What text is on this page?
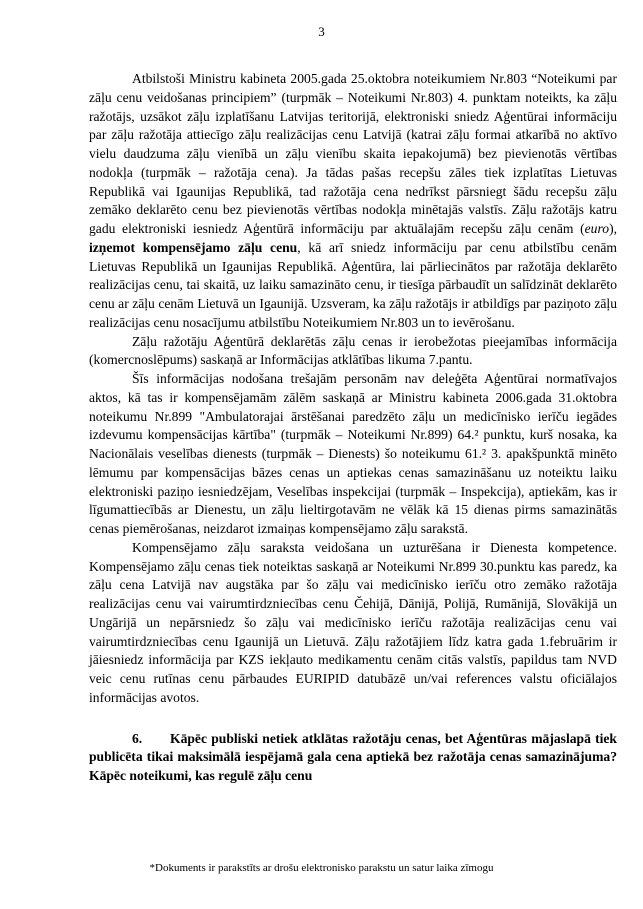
3

Atbilstoši Ministru kabineta 2005.gada 25.oktobra noteikumiem Nr.803 “Noteikumi par zāļu cenu veidošanas principiem” (turpmāk – Noteikumi Nr.803) 4. punktam noteikts, ka zāļu ražotājs, uzsākot zāļu izplatīšanu Latvijas teritorijā, elektroniski sniedz Aģentūrai informāciju par zāļu ražotāja attiecīgo zāļu realizācijas cenu Latvijā (katrai zāļu formai atkarībā no aktīvo vielu daudzuma zāļu vienībā un zāļu vienību skaita iepakojumā) bez pievienotās vērtības nodokļa (turpmāk – ražotāja cena). Ja tādas pašas recepšu zāles tiek izplatītas Lietuvas Republikā vai Igaunijas Republikā, tad ražotāja cena nedrīkst pārsniegt šādu recepšu zāļu zemāko deklarēto cenu bez pievienotās vērtības nodokļa minētajās valstīs. Zāļu ražotājs katru gadu elektroniski iesniedz Aģentūrā informāciju par aktuālajām recepšu zāļu cenām (euro), izņemot kompensējamo zāļu cenu, kā arī sniedz informāciju par cenu atbilstību cenām Lietuvas Republikā un Igaunijas Republikā. Aģentūra, lai pārliecinātos par ražotāja deklarēto realizācijas cenu, tai skaitā, uz laiku samazināto cenu, ir tiesīga pārbaudīt un salīdzināt deklarēto cenu ar zāļu cenām Lietuvā un Igaunijā. Uzsveram, ka zāļu ražotājs ir atbildīgs par paziņoto zāļu realizācijas cenu nosacījumu atbilstību Noteikumiem Nr.803 un to ievērošanu.

Zāļu ražotāju Aģentūrā deklarētās zāļu cenas ir ierobežotas pieejamības informācija (komercnoslēpums) saskaņā ar Informācijas atklātības likuma 7.pantu.

Šīs informācijas nodošana trešajām personām nav deleģēta Aģentūrai normatīvajos aktos, kā tas ir kompensējamām zālēm saskaņā ar Ministru kabineta 2006.gada 31.oktobra noteikumu Nr.899 "Ambulatorajai ārstēšanai paredzēto zāļu un medicīnisko ierīču iegādes izdevumu kompensācijas kārtība" (turpmāk – Noteikumi Nr.899) 64.² punktu, kurš nosaka, ka Nacionālais veselības dienests (turpmāk – Dienests) šo noteikumu 61.² 3. apakšpunktā minēto lēmumu par kompensācijas bāzes cenas un aptiekas cenas samazināšanu uz noteiktu laiku elektroniski paziņo iesniedzējam, Veselības inspekcijai (turpmāk – Inspekcija), aptiekām, kas ir līgumattiecībās ar Dienestu, un zāļu lieltirgotavām ne vēlāk kā 15 dienas pirms samazinātās cenas piemērošanas, neizdarot izmaiņas kompensējamo zāļu sarakstā.

Kompensējamo zāļu saraksta veidošana un uzturēšana ir Dienesta kompetence. Kompensējamo zāļu cenas tiek noteiktas saskaņā ar Noteikumi Nr.899 30.punktu kas paredz, ka zāļu cena Latvijā nav augstāka par šo zāļu vai medicīnisko ierīču otro zemāko ražotāja realizācijas cenu vai vairumtirdzniecības cenu Čehijā, Dānijā, Polijā, Rumānijā, Slovākijā un Ungārijā un nepārsniedz šo zāļu vai medicīnisko ierīču ražotāja realizācijas cenu vai vairumtirdzniecības cenu Igaunijā un Lietuvā. Zāļu ražotājiem līdz katra gada 1.februārim ir jāiesniedz informācija par KZS iekļauto medikamentu cenām citās valstīs, papildus tam NVD veic cenu rutīnas cenu pārbaudes EURIPID datubāzē un/vai references valstu oficiālajos informācijas avotos.

6. Kāpēc publiski netiek atklātas ražotāju cenas, bet Aģentūras mājaslapā tiek publicēta tikai maksimālā iespējamā gala cena aptiekā bez ražotāja cenas samazinājuma? Kāpēc noteikumi, kas regulē zāļu cenu

*Dokuments ir parakstīts ar drošu elektronisko parakstu un satur laika zīmogu
